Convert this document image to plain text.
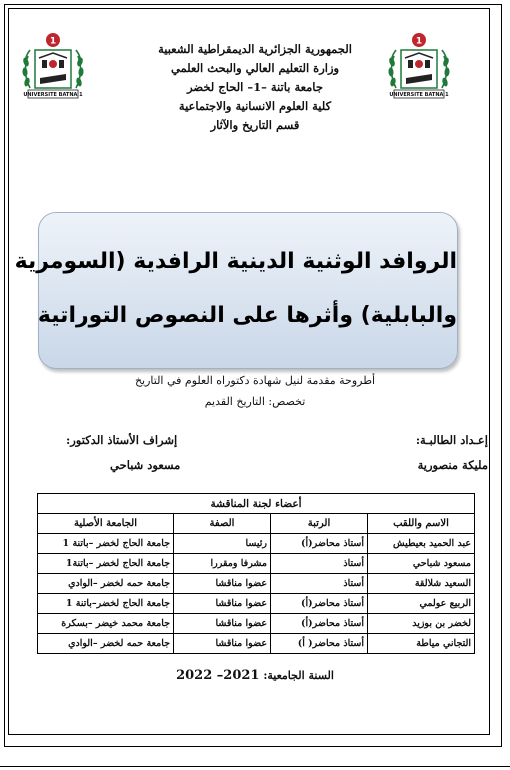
1
UNIVERSITE BATNA 1
1
UNIVERSITE BATNA 1
الجمهورية الجزائرية الديمقراطية الشعبية
وزارة التعليم العالي والبحث العلمي
جامعة باتنة –1– الحاج لخضر
كلية العلوم الانسانية والاجتماعية
قسم التاريخ والآثار
الروافد الوثنية الدينية الرافدية (السومرية
والبابلية) وأثرها على النصوص التوراتية
أطروحة مقدمة لنيل شهادة دكتوراه العلوم في التاريخ
تخصص: التاريخ القديم
إعـداد الطالبـة:
مليكة منصورية
إشراف الأستاذ الدكتور:
مسعود شباحي
أعضاء لجنة المناقشة			
الاسم واللقب	الرتبة	الصفة	الجامعة الأصلية
عبد الحميد بعيطيش	أستاذ محاضر(أ)	رئيسا	جامعة الحاج لخضر –باتنة 1
مسعود شباحي	أستاذ	مشرفا ومقررا	جامعة الحاج لخضر –باتنة1
السعيد شلالقة	أستاذ	عضوا مناقشا	جامعة حمه لخضر –الوادي
الربيع عولمي	أستاذ محاضر(أ)	عضوا مناقشا	جامعة الحاج لخضر–باتنة 1
لخضر بن بوزيد	أستاذ محاضر(أ)	عضوا مناقشا	جامعة محمد خيضر –بسكرة
التجاني مياطة	أستاذ محاضر( أ)	عضوا مناقشا	جامعة حمه لخضر –الوادي
السنة الجامعية: 2021– 2022
